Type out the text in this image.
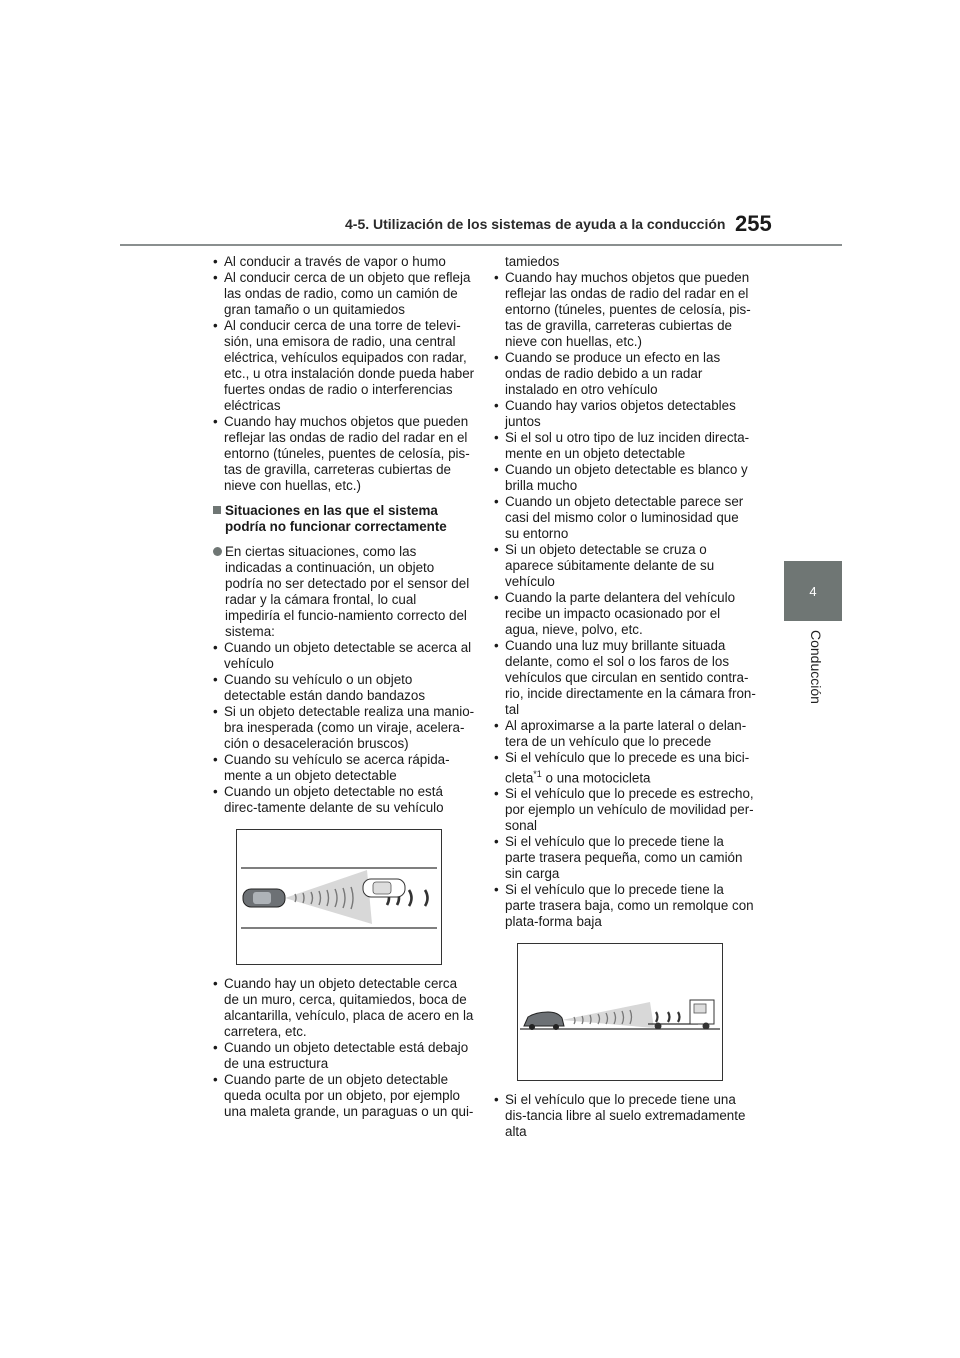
4-5. Utilización de los sistemas de ayuda a la conducción 255
4
Conducción
• Al conducir a través de vapor o humo
• Al conducir cerca de un objeto que refleja las ondas de radio, como un camión de gran tamaño o un quitamiedos
• Al conducir cerca de una torre de televi-sión, una emisora de radio, una central eléctrica, vehículos equipados con radar, etc., u otra instalación donde pueda haber fuertes ondas de radio o interferencias eléctricas
• Cuando hay muchos objetos que pueden reflejar las ondas de radio del radar en el entorno (túneles, puentes de celosía, pis-tas de gravilla, carreteras cubiertas de nieve con huellas, etc.)
Situaciones en las que el sistema podría no funcionar correctamente
En ciertas situaciones, como las indicadas a continuación, un objeto podría no ser detectado por el sensor del radar y la cámara frontal, lo cual impediría el funcio-namiento correcto del sistema:
• Cuando un objeto detectable se acerca al vehículo
• Cuando su vehículo o un objeto detectable están dando bandazos
• Si un objeto detectable realiza una manio-bra inesperada (como un viraje, acelera-ción o desaceleración bruscos)
• Cuando su vehículo se acerca rápida-mente a un objeto detectable
• Cuando un objeto detectable no está direc-tamente delante de su vehículo
• Cuando hay un objeto detectable cerca de un muro, cerca, quitamiedos, boca de alcantarilla, vehículo, placa de acero en la carretera, etc.
• Cuando un objeto detectable está debajo de una estructura
• Cuando parte de un objeto detectable queda oculta por un objeto, por ejemplo una maleta grande, un paraguas o un qui-
tamiedos
• Cuando hay muchos objetos que pueden reflejar las ondas de radio del radar en el entorno (túneles, puentes de celosía, pis-tas de gravilla, carreteras cubiertas de nieve con huellas, etc.)
• Cuando se produce un efecto en las ondas de radio debido a un radar instalado en otro vehículo
• Cuando hay varios objetos detectables juntos
• Si el sol u otro tipo de luz inciden directa-mente en un objeto detectable
• Cuando un objeto detectable es blanco y brilla mucho
• Cuando un objeto detectable parece ser casi del mismo color o luminosidad que su entorno
• Si un objeto detectable se cruza o aparece súbitamente delante de su vehículo
• Cuando la parte delantera del vehículo recibe un impacto ocasionado por el agua, nieve, polvo, etc.
• Cuando una luz muy brillante situada delante, como el sol o los faros de los vehículos que circulan en sentido contra-rio, incide directamente en la cámara fron-tal
• Al aproximarse a la parte lateral o delan-tera de un vehículo que lo precede
• Si el vehículo que lo precede es una bici-cleta$^{*1}$ o una motocicleta
• Si el vehículo que lo precede es estrecho, por ejemplo un vehículo de movilidad per-sonal
• Si el vehículo que lo precede tiene la parte trasera pequeña, como un camión sin carga
• Si el vehículo que lo precede tiene la parte trasera baja, como un remolque con plata-forma baja
• Si el vehículo que lo precede tiene una dis-tancia libre al suelo extremadamente alta
